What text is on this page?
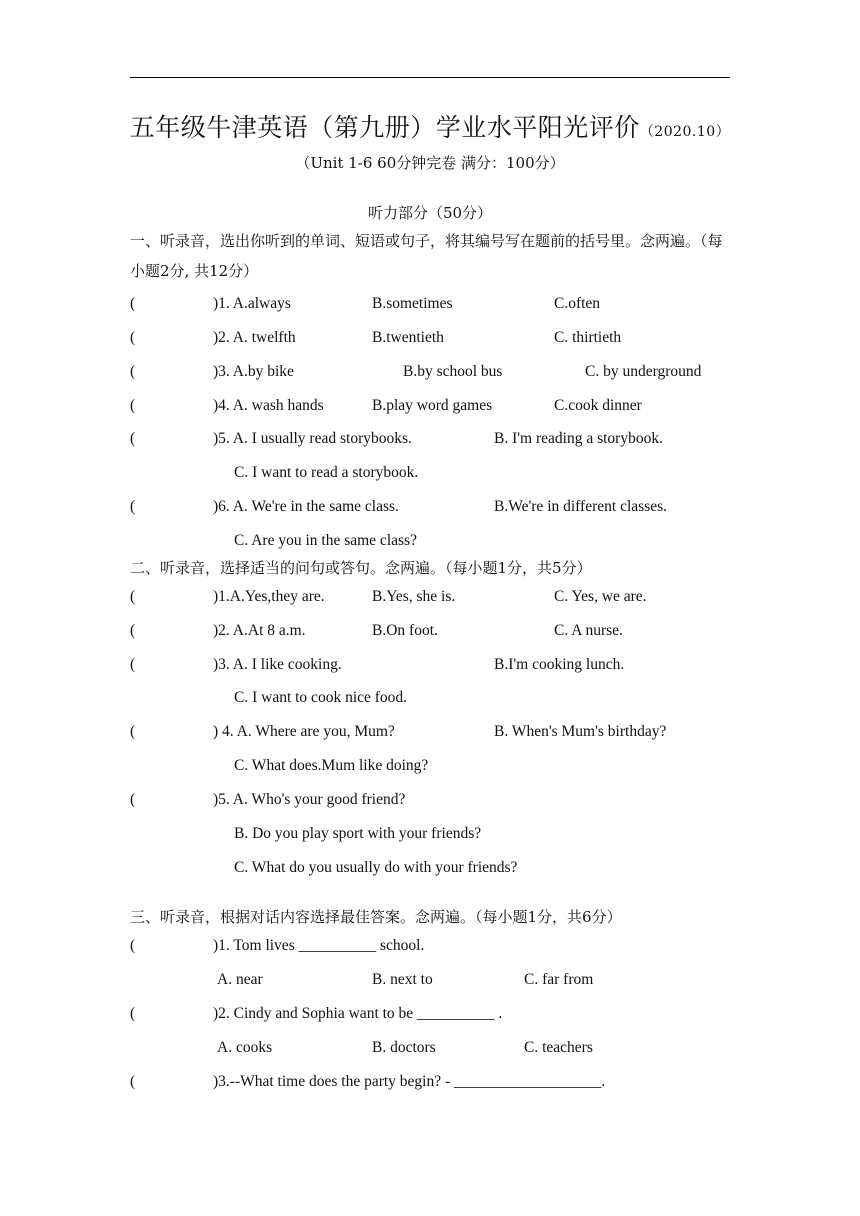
五年级牛津英语（第九册）学业水平阳光评价（2020.10）
（Unit 1-6 60分钟完卷 满分：100分）
听力部分（50分）
一、听录音，选出你听到的单词、短语或句子，将其编号写在题前的括号里。念两遍。（每小题2分, 共12分）
(	)1. A.always	B.sometimes	C.often
(	)2. A. twelfth	B.twentieth	C. thirtieth
(	)3. A.by bike	B.by school bus	C. by underground
(	)4. A. wash hands	B.play word games	C.cook dinner
(	)5. A. I usually read storybooks.	B. I'm reading a storybook.
C. I want to read a storybook.
(	)6. A. We're in the same class.	B.We're in different classes.
C. Are you in the same class?
二、听录音，选择适当的问句或答句。念两遍。（每小题1分，共5分）
(	)1.A.Yes,they are.	B.Yes, she is.	C. Yes, we are.
(	)2. A.At 8 a.m.	B.On foot.	C. A nurse.
(	)3. A. I like cooking.	B.I'm cooking lunch.
C. I want to cook nice food.
(	) 4. A. Where are you, Mum?	B. When's Mum's birthday?
C. What does.Mum like doing?
(	)5. A. Who's your good friend?
B. Do you play sport with your friends?
C. What do you usually do with your friends?
三、听录音，根据对话内容选择最佳答案。念两遍。（每小题1分，共6分）
(	)1. Tom lives __________ school.
A. near	B. next to	C. far from
(	)2. Cindy and Sophia want to be __________ .
A. cooks	B. doctors	C. teachers
(	)3.--What time does the party begin? - ___________________.
